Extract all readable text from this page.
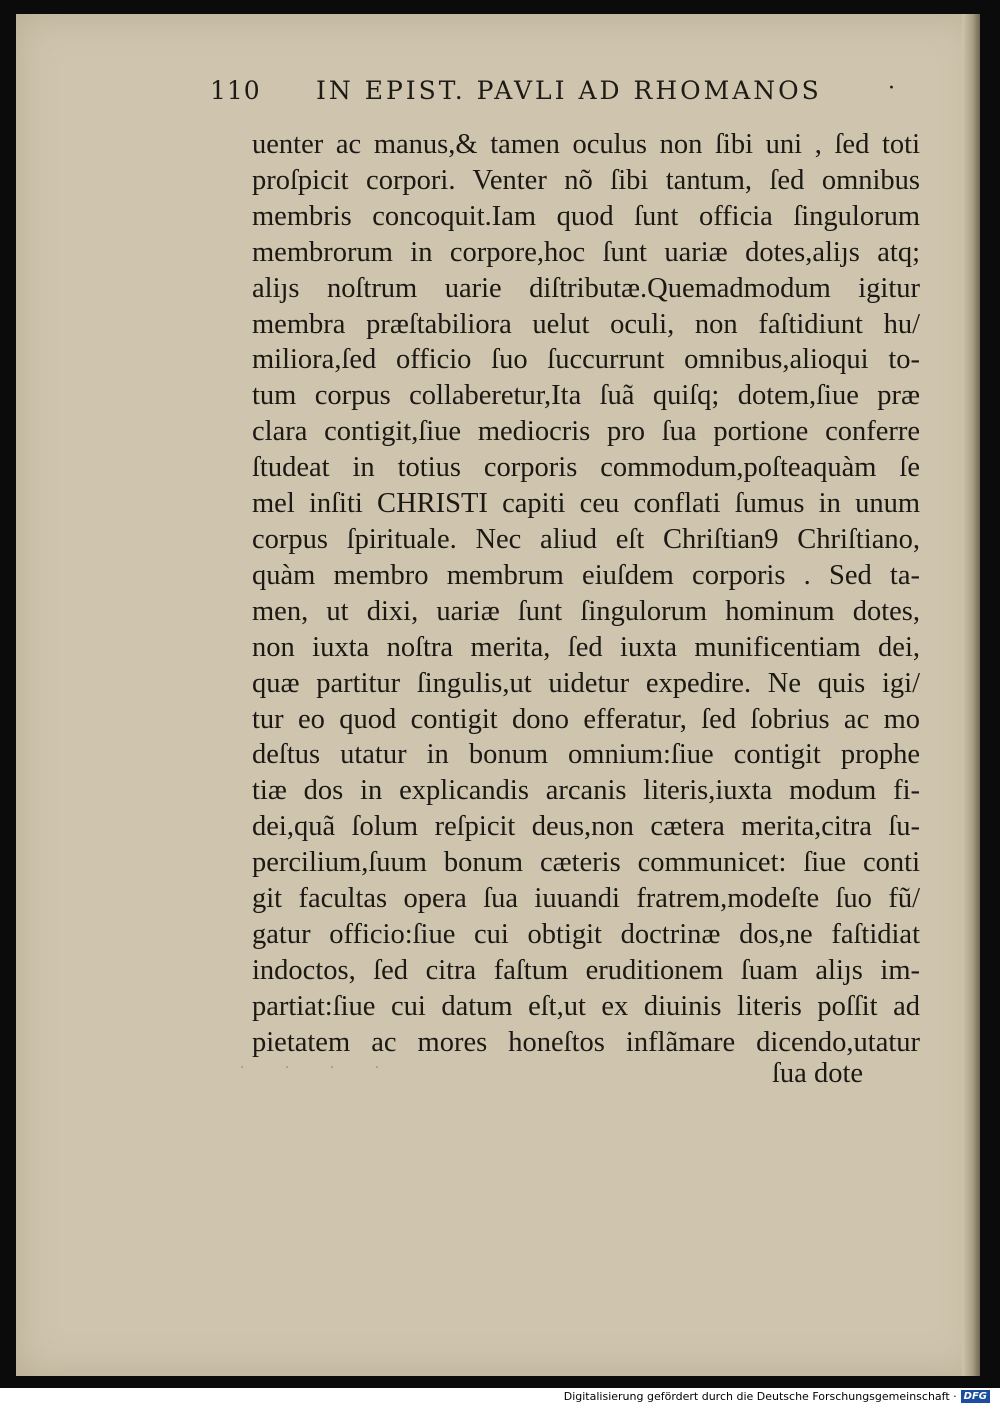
110 IN EPIST. PAVLI AD RHOMANOS	·
uenter ac manus,& tamen oculus non ſibi uni , ſed toti
proſpicit corpori. Venter nõ ſibi tantum, ſed omnibus
membris concoquit.Iam quod ſunt officia ſingulorum
membrorum in corpore,hoc ſunt uariæ dotes,aliȷs atq;
aliȷs noſtrum uarie diſtributæ.Quemadmodum igitur
membra præſtabiliora uelut oculi, non faſtidiunt hu/
miliora,ſed officio ſuo ſuccurrunt omnibus,alioqui to-
tum corpus collaberetur,Ita ſuã quiſq; dotem,ſiue præ
clara contigit,ſiue mediocris pro ſua portione conferre
ſtudeat in totius corporis commodum,poſteaquàm ſe
mel inſiti CHRISTI capiti ceu conflati ſumus in unum
corpus ſpirituale. Nec aliud eſt Chriſtian9 Chriſtiano,
quàm membro membrum eiuſdem corporis . Sed ta-
men, ut dixi, uariæ ſunt ſingulorum hominum dotes,
non iuxta noſtra merita, ſed iuxta munificentiam dei,
quæ partitur ſingulis,ut uidetur expedire. Ne quis igi/
tur eo quod contigit dono efferatur, ſed ſobrius ac mo
deſtus utatur in bonum omnium:ſiue contigit prophe
tiæ dos in explicandis arcanis literis,iuxta modum fi-
dei,quã ſolum reſpicit deus,non cætera merita,citra ſu-
percilium,ſuum bonum cæteris communicet: ſiue conti
git facultas opera ſua iuuandi fratrem,modeſte ſuo fũ/
gatur officio:ſiue cui obtigit doctrinæ dos,ne faſtidiat
indoctos, ſed citra faſtum eruditionem ſuam aliȷs im-
partiat:ſiue cui datum eſt,ut ex diuinis literis poſſit ad
pietatem ac mores honeſtos inflãmare dicendo,utatur
· · · ·	ſua dote
Digitalisierung gefördert durch die Deutsche Forschungsgemeinschaft · DFG
